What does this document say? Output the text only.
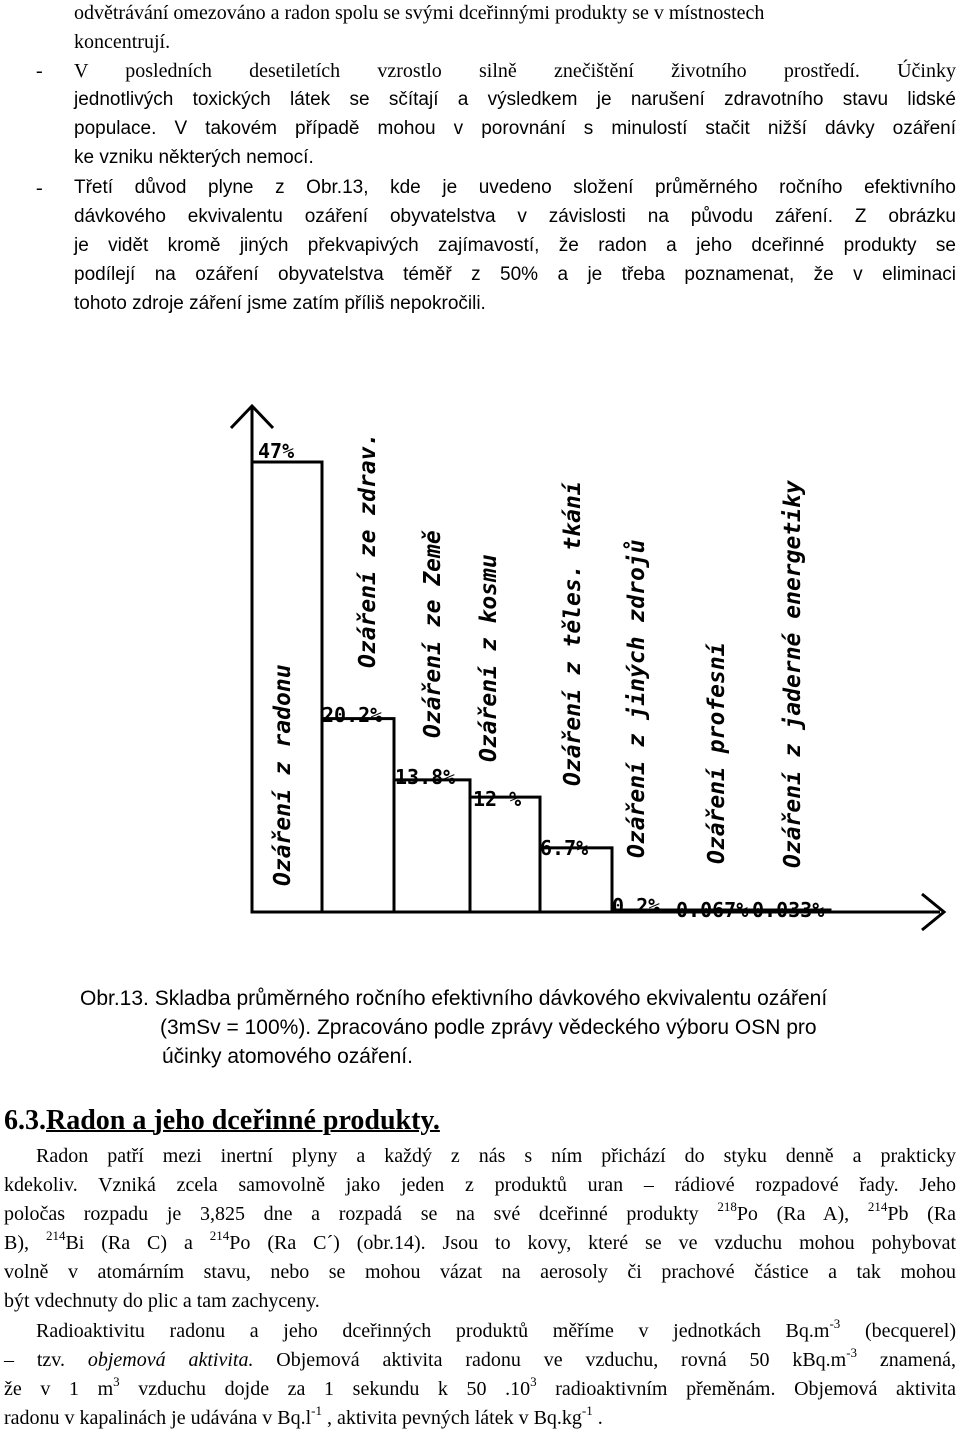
odvětrávání omezováno a radon spolu se svými dceřinnými produkty se v místnostech
koncentrují.
- V posledních desetiletích vzrostlo silně znečištění životního prostředí. Účinky
jednotlivých toxických látek se sčítají a výsledkem je narušení zdravotního stavu lidské
populace. V takovém případě mohou v porovnání s minulostí stačit nižší dávky ozáření
ke vzniku některých nemocí.
- Třetí důvod plyne z Obr.13, kde je uvedeno složení průměrného ročního efektivního
dávkového ekvivalentu ozáření obyvatelstva v závislosti na původu záření. Z obrázku
je vidět kromě jiných překvapivých zajímavostí, že radon a jeho dceřinné produkty se
podílejí na ozáření obyvatelstva téměř z 50% a je třeba poznamenat, že v eliminaci
tohoto zdroje záření jsme zatím příliš nepokročili.
47%
20.2%
13.8%
12 %
6.7%
0.2% 0.067% 0.033%
Ozáření z radonu
Ozáření ze zdrav. Ozáření ze Země Ozáření z kosmu	Ozáření z těles. tkání Ozáření z jiných zdrojů Ozáření profesní Ozáření z jaderné energetiky
Obr.13. Skladba průměrného ročního efektivního dávkového ekvivalentu ozáření
(3mSv = 100%). Zpracováno podle zprávy vědeckého výboru OSN pro
účinky atomového ozáření.
6.3.Radon a jeho dceřinné produkty.
Radon patří mezi inertní plyny a každý z nás s ním přichází do styku denně a prakticky
kdekoliv. Vzniká zcela samovolně jako jeden z produktů uran – rádiové rozpadové řady. Jeho
poločas rozpadu je 3,825 dne a rozpadá se na své dceřinné produkty $^{218}$Po (Ra A), $^{214}$Pb (Ra
B), $^{214}$Bi (Ra C) a $^{214}$Po (Ra C´) (obr.14). Jsou to kovy, které se ve vzduchu mohou pohybovat
volně v atomárním stavu, nebo se mohou vázat na aerosoly či prachové částice a tak mohou
být vdechnuty do plic a tam zachyceny.
Radioaktivitu radonu a jeho dceřinných produktů měříme v jednotkách $Bq.m^{-3}$ (becquerel)
– tzv. objemová aktivita. Objemová aktivita radonu ve vzduchu, rovná 50 $kBq.m^{-3}$ znamená,
že v 1 $m^3$ vzduchu dojde za 1 sekundu k 50 $.10^3$ radioaktivním přeměnám. Objemová aktivita
radonu v kapalinách je udávána v $Bq.l^{-1}$ , aktivita pevných látek v $Bq.kg^{-1}$ .
